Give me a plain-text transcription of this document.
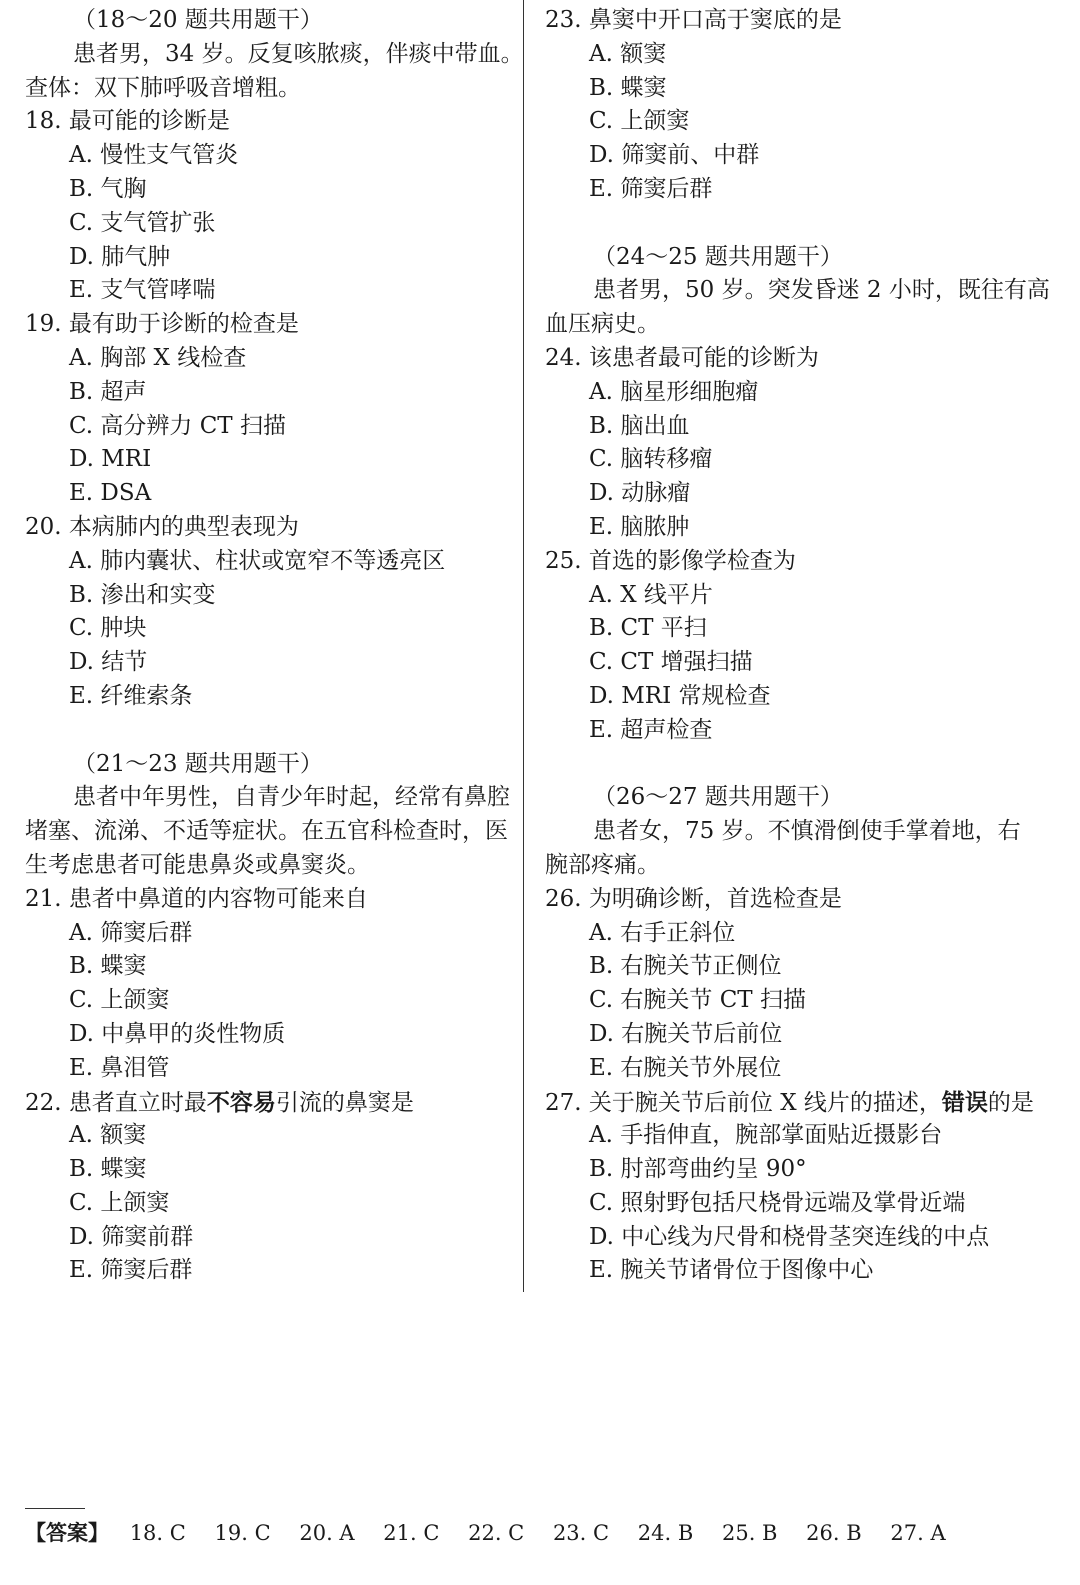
（18～20 题共用题干）
患者男，34 岁。反复咳脓痰，伴痰中带血。
查体：双下肺呼吸音增粗。
18. 最可能的诊断是
A. 慢性支气管炎
B. 气胸
C. 支气管扩张
D. 肺气肿
E. 支气管哮喘
19. 最有助于诊断的检查是
A. 胸部 X 线检查
B. 超声
C. 高分辨力 CT 扫描
D. MRI
E. DSA
20. 本病肺内的典型表现为
A. 肺内囊状、柱状或宽窄不等透亮区
B. 渗出和实变
C. 肿块
D. 结节
E. 纤维索条
（21～23 题共用题干）
患者中年男性，自青少年时起，经常有鼻腔
堵塞、流涕、不适等症状。在五官科检查时，医
生考虑患者可能患鼻炎或鼻窦炎。
21. 患者中鼻道的内容物可能来自
A. 筛窦后群
B. 蝶窦
C. 上颌窦
D. 中鼻甲的炎性物质
E. 鼻泪管
22. 患者直立时最不容易引流的鼻窦是
A. 额窦
B. 蝶窦
C. 上颌窦
D. 筛窦前群
E. 筛窦后群
23. 鼻窦中开口高于窦底的是
A. 额窦
B. 蝶窦
C. 上颌窦
D. 筛窦前、中群
E. 筛窦后群
（24～25 题共用题干）
患者男，50 岁。突发昏迷 2 小时，既往有高
血压病史。
24. 该患者最可能的诊断为
A. 脑星形细胞瘤
B. 脑出血
C. 脑转移瘤
D. 动脉瘤
E. 脑脓肿
25. 首选的影像学检查为
A. X 线平片
B. CT 平扫
C. CT 增强扫描
D. MRI 常规检查
E. 超声检查
（26～27 题共用题干）
患者女，75 岁。不慎滑倒使手掌着地，右
腕部疼痛。
26. 为明确诊断，首选检查是
A. 右手正斜位
B. 右腕关节正侧位
C. 右腕关节 CT 扫描
D. 右腕关节后前位
E. 右腕关节外展位
27. 关于腕关节后前位 X 线片的描述，错误的是
A. 手指伸直，腕部掌面贴近摄影台
B. 肘部弯曲约呈 90°
C. 照射野包括尺桡骨远端及掌骨近端
D. 中心线为尺骨和桡骨茎突连线的中点
E. 腕关节诸骨位于图像中心
【答案】 18. C 19. C 20. A 21. C 22. C 23. C 24. B 25. B 26. B 27. A
